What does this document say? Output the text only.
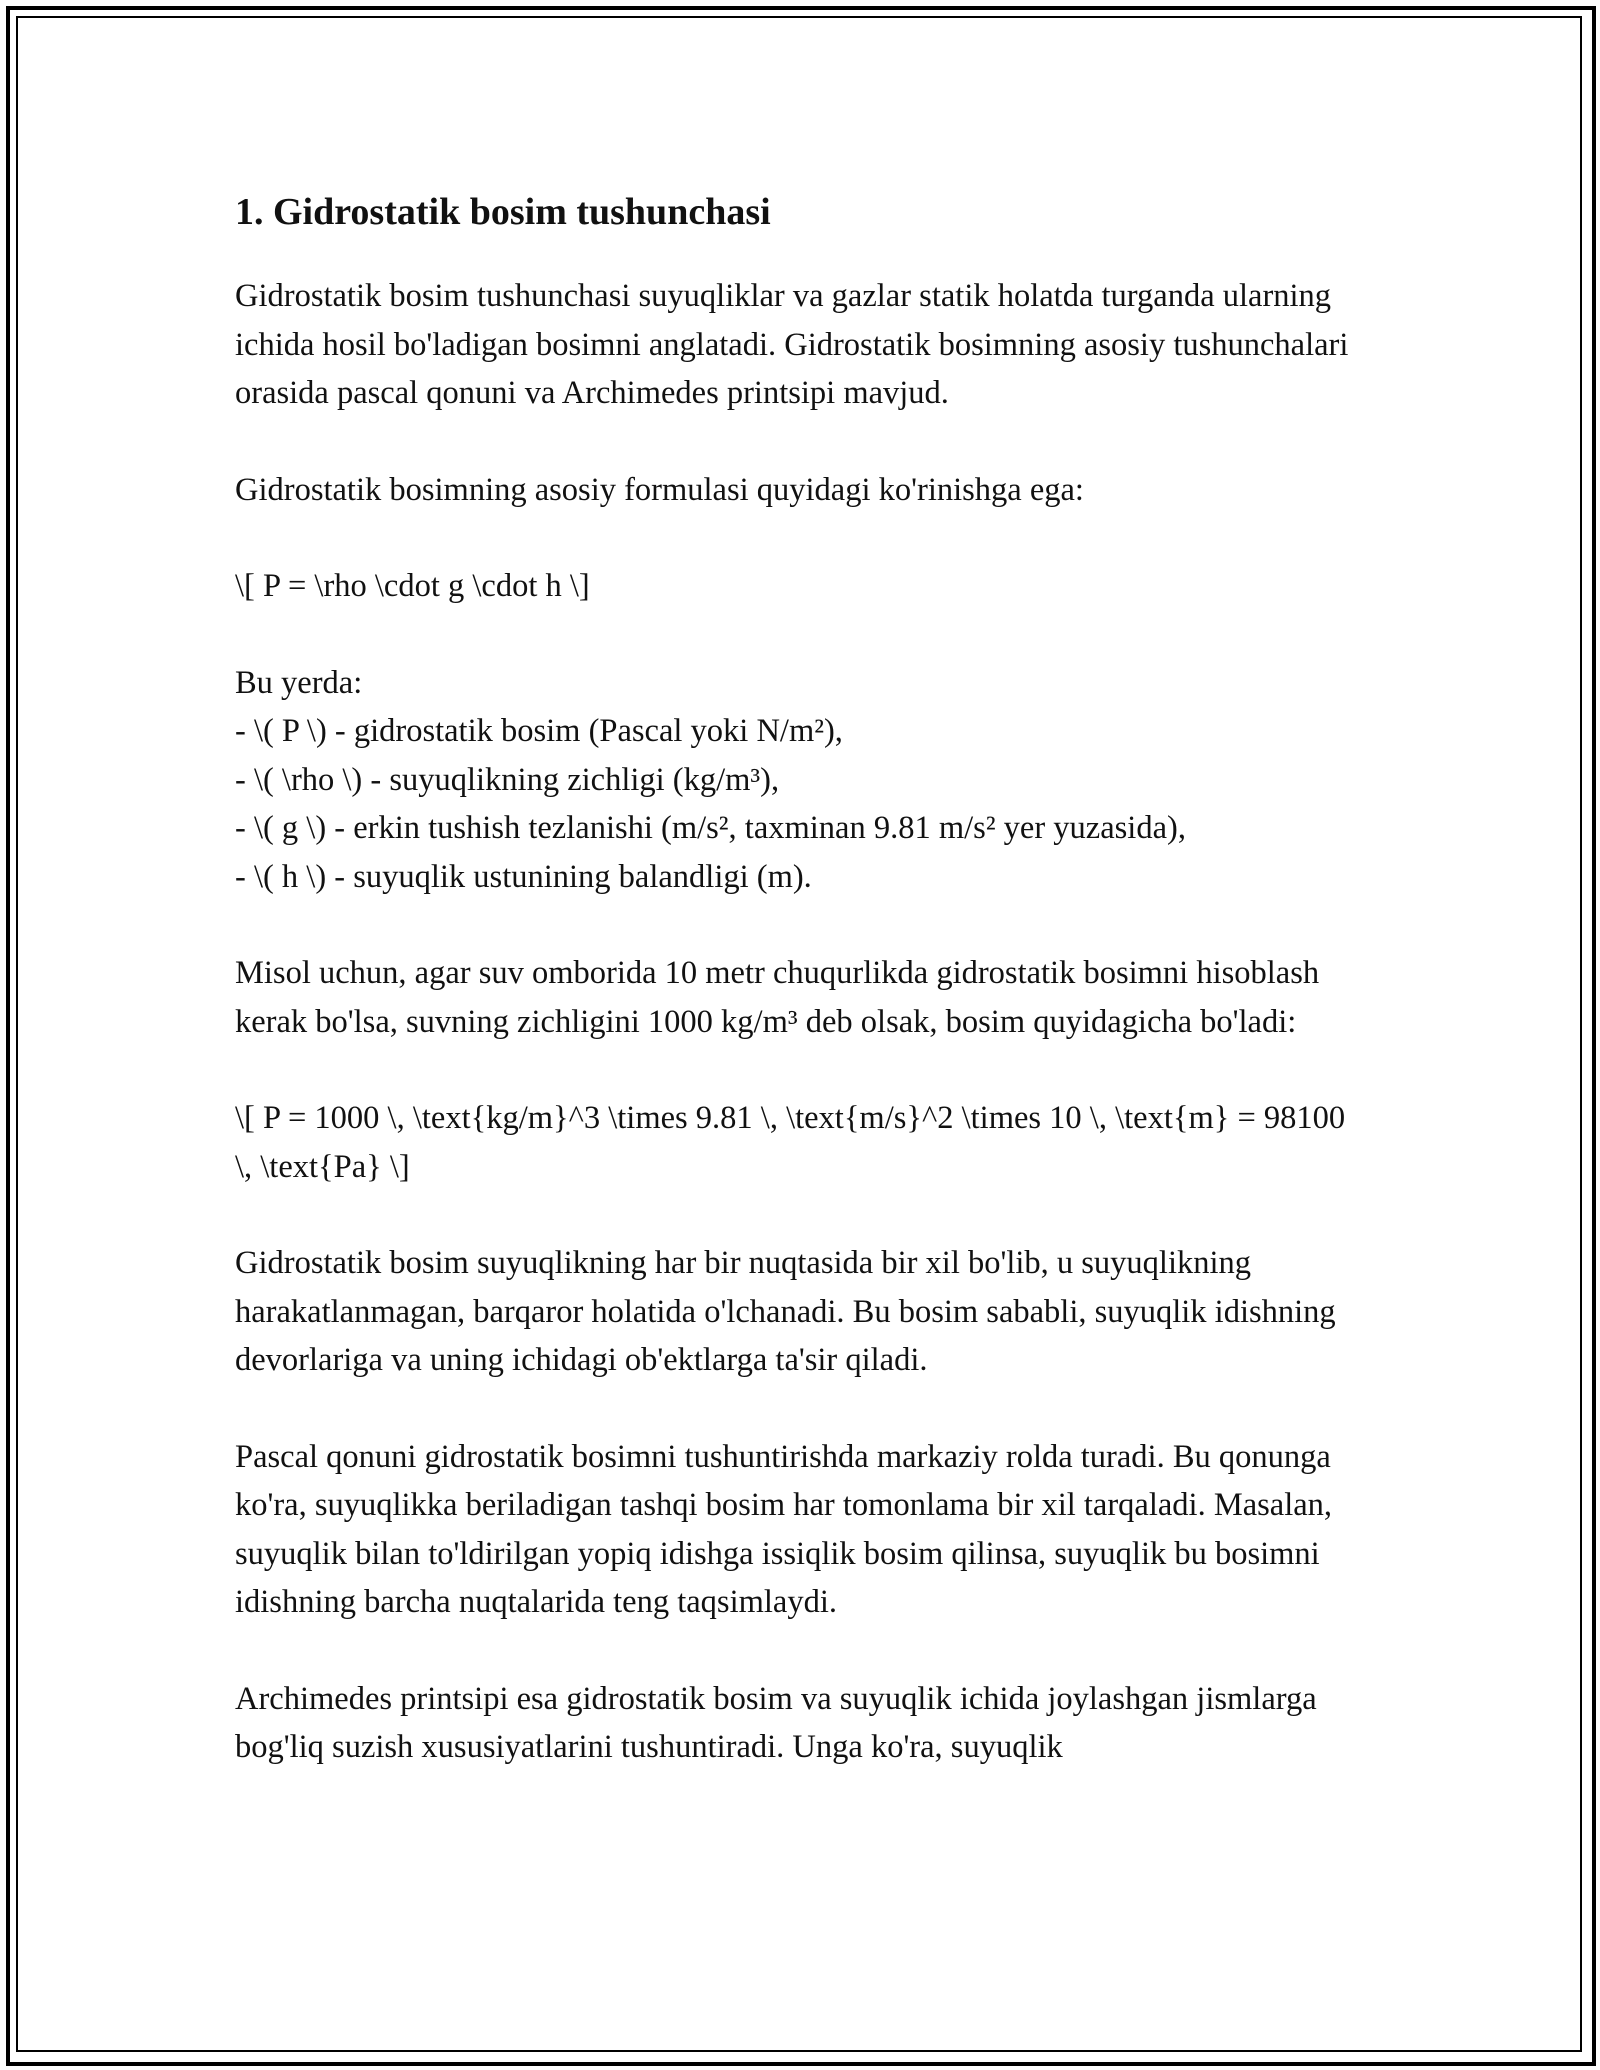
1. Gidrostatik bosim tushunchasi

Gidrostatik bosim tushunchasi suyuqliklar va gazlar statik holatda turganda ularning ichida hosil bo'ladigan bosimni anglatadi. Gidrostatik bosimning asosiy tushunchalari orasida pascal qonuni va Archimedes printsipi mavjud.

Gidrostatik bosimning asosiy formulasi quyidagi ko'rinishga ega:

\[ P = \rho \cdot g \cdot h \]

Bu yerda:
- \( P \) - gidrostatik bosim (Pascal yoki N/m²),
- \( \rho \) - suyuqlikning zichligi (kg/m³),
- \( g \) - erkin tushish tezlanishi (m/s², taxminan 9.81 m/s² yer yuzasida),
- \( h \) - suyuqlik ustunining balandligi (m).

Misol uchun, agar suv omborida 10 metr chuqurlikda gidrostatik bosimni hisoblash kerak bo'lsa, suvning zichligini 1000 kg/m³ deb olsak, bosim quyidagicha bo'ladi:

\[ P = 1000 \, \text{kg/m}^3 \times 9.81 \, \text{m/s}^2 \times 10 \, \text{m} = 98100 \, \text{Pa} \]

Gidrostatik bosim suyuqlikning har bir nuqtasida bir xil bo'lib, u suyuqlikning harakatlanmagan, barqaror holatida o'lchanadi. Bu bosim sababli, suyuqlik idishning devorlariga va uning ichidagi ob'ektlarga ta'sir qiladi.

Pascal qonuni gidrostatik bosimni tushuntirishda markaziy rolda turadi. Bu qonunga ko'ra, suyuqlikka beriladigan tashqi bosim har tomonlama bir xil tarqaladi. Masalan, suyuqlik bilan to'ldirilgan yopiq idishga issiqlik bosim qilinsa, suyuqlik bu bosimni idishning barcha nuqtalarida teng taqsimlaydi.

Archimedes printsipi esa gidrostatik bosim va suyuqlik ichida joylashgan jismlarga bog'liq suzish xususiyatlarini tushuntiradi. Unga ko'ra, suyuqlik
